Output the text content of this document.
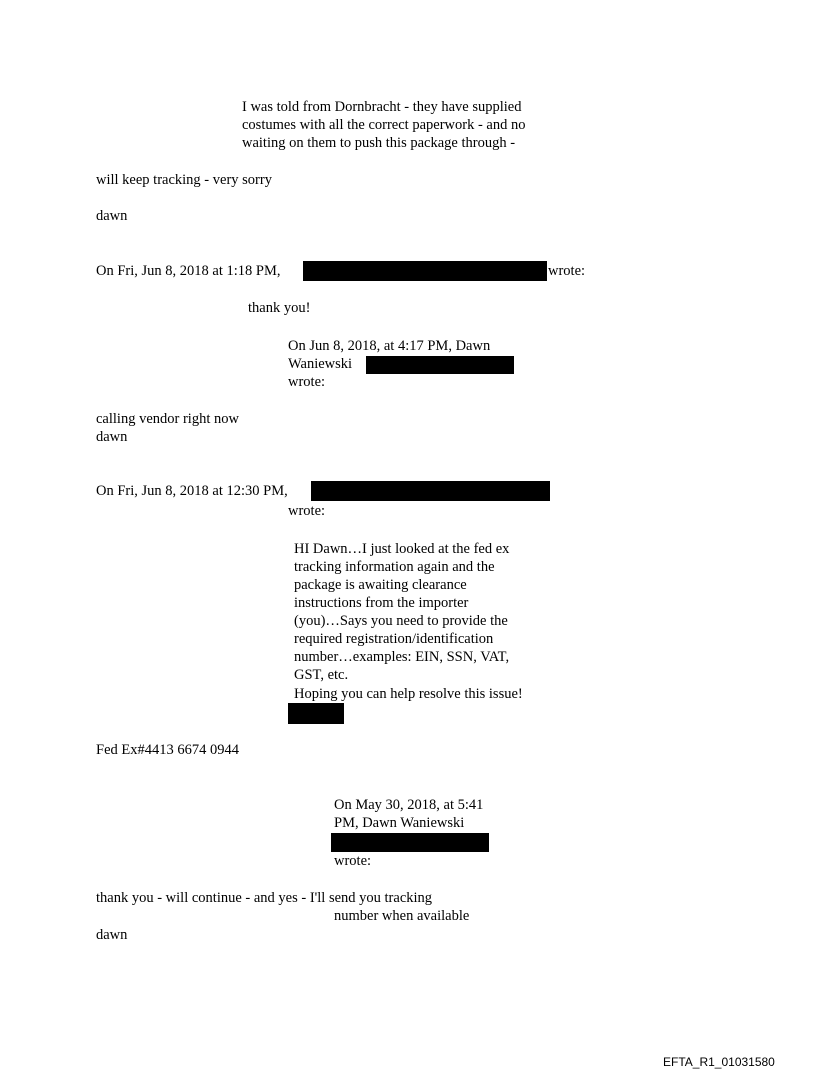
I was told from Dornbracht - they have supplied
costumes with all the correct paperwork - and no
waiting on them to push this package through -
will keep tracking - very sorry
dawn
On Fri, Jun 8, 2018 at 1:18 PM,	wrote:
thank you!
On Jun 8, 2018, at 4:17 PM, Dawn
Waniewski
wrote:
calling vendor right now
dawn
On Fri, Jun 8, 2018 at 12:30 PM,
wrote:
HI Dawn…I just looked at the fed ex
tracking information again and the
package is awaiting clearance
instructions from the importer
(you)…Says you need to provide the
required registration/identification
number…examples: EIN, SSN, VAT,
GST, etc.
Hoping you can help resolve this issue!
Fed Ex#4413 6674 0944
On May 30, 2018, at 5:41
PM, Dawn Waniewski
wrote:
thank you - will continue - and yes - I'll send you tracking
number when available
dawn
EFTA_R1_01031580
